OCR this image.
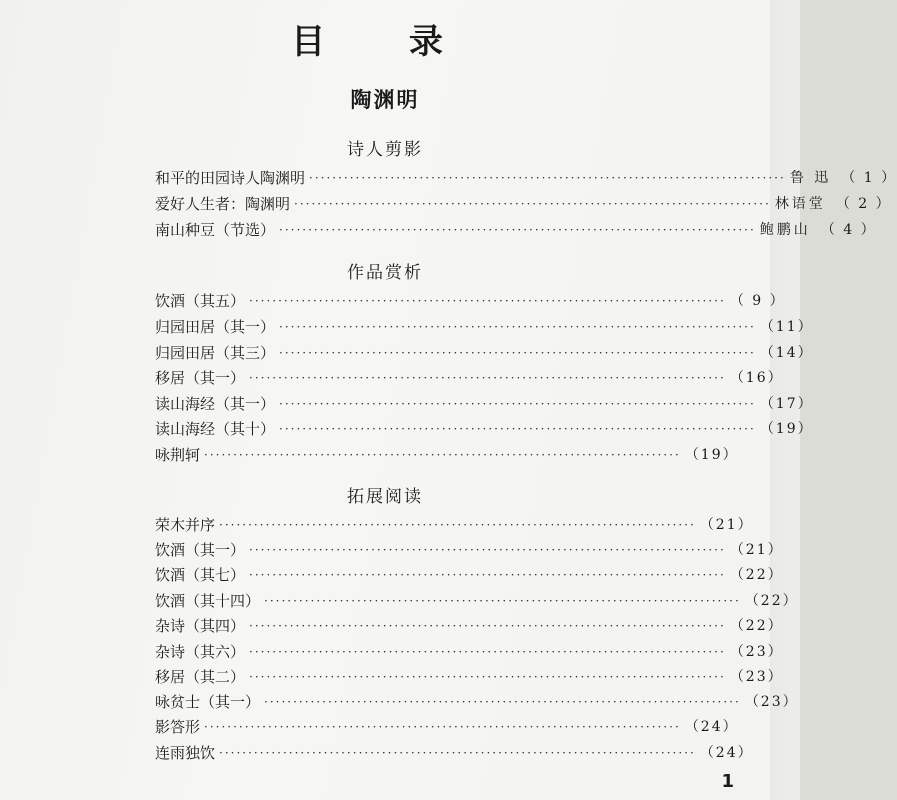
目 录
陶渊明
诗人剪影
作品赏析
拓展阅读
和平的田园诗人陶渊明 ·················································································· 鲁 迅 （ 1 ）
爱好人生者：陶渊明 ·················································································· 林语堂 （ 2 ）
南山种豆（节选） ·················································································· 鲍鹏山 （ 4 ）
饮酒（其五） ·················································································· （ 9 ）
归园田居（其一） ·················································································· （11）
归园田居（其三） ·················································································· （14）
移居（其一） ·················································································· （16）
读山海经（其一） ·················································································· （17）
读山海经（其十） ·················································································· （19）
咏荆轲 ·················································································· （19）
荣木并序 ·················································································· （21）
饮酒（其一） ·················································································· （21）
饮酒（其七） ·················································································· （22）
饮酒（其十四） ·················································································· （22）
杂诗（其四） ·················································································· （22）
杂诗（其六） ·················································································· （23）
移居（其二） ·················································································· （23）
咏贫士（其一） ·················································································· （23）
影答形 ·················································································· （24）
连雨独饮 ·················································································· （24）
1
